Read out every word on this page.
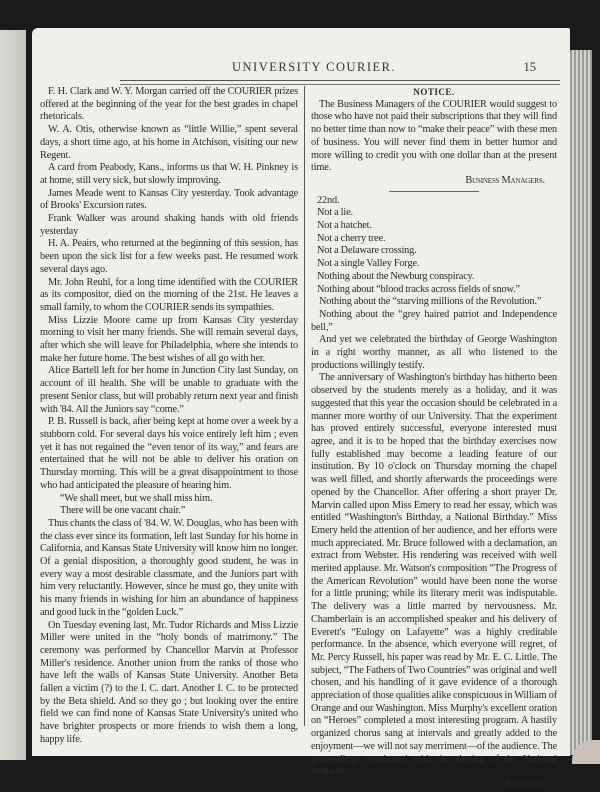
UNIVERSITY COURIER.	15

F. H. Clark and W. Y. Morgan carried off the COURIER prizes offered at the beginning of the year for the best grades in chapel rhetoricals.

W. A. Otis, otherwise known as “little Willie,” spent several days, a short time ago, at his home in Atchison, visiting our new Regent.

A card from Peabody, Kans., informs us that W. H. Pinkney is at home, still very sick, but slowly improving.

James Meade went to Kansas City yesterday. Took advantage of Brooks' Excursion rates.

Frank Walker was around shaking hands with old friends yesterday

H. A. Peairs, who returned at the beginning of this session, has been upon the sick list for a few weeks past. He resumed work several days ago.

Mr. John Reuhl, for a long time identified with the COURIER as its compositor, died on the morning of the 21st. He leaves a small family, to whom the COURIER sends its sympathies.

Miss Lizzie Moore came up from Kansas City yesterday morning to visit her many friends. She will remain several days, after which she will leave for Philadelphia, where she intends to make her future home. The best wishes of all go with her.

Alice Bartell left for her home in Junction City last Sunday, on account of ill health. She will be unable to graduate with the present Senior class, but will probably return next year and finish with '84. All the Juniors say “come.”

P. B. Russell is back, after being kept at home over a week by a stubborn cold. For several days his voice entirely left him ; even yet it has not regained the “even tenor of its way,” and fears are entertained that he will not be able to deliver his oration on Thursday morning. This will be a great disappointment to those who had anticipated the pleasure of hearing him.

“We shall meet, but we shall miss him.

There will be one vacant chair.”

Thus chants the class of '84. W. W. Douglas, who has been with the class ever since its formation, left last Sunday for his home in California, and Kansas State University will know him no longer. Of a genial disposition, a thoroughly good student, he was in every way a most desirable classmate, and the Juniors part with him very reluctantly. However, since he must go, they unite with his many friends in wishing for him an abundance of happiness and good luck in the “golden Luck.”

On Tuesday evening last, Mr. Tudor Richards and Miss Lizzie Miller were united in the “holy bonds of matrimony.” The ceremony was performed by Chancellor Marvin at Professor Miller's residence. Another union from the ranks of those who have left the walls of Kansas State University. Another Beta fallen a victim (?) to the I. C. dart. Another I. C. to be protected by the Beta shield. And so they go ; but looking over the entire field we can find none of Kansas State University's united who have brighter prospects or more friends to wish them a long, happy life.

NOTICE.

The Business Managers of the COURIER would suggest to those who have not paid their subscriptions that they will find no better time than now to “make their peace” with these men of business. You will never find them in better humor and more willing to credit you with one dollar than at the present time.

Business Managers.

22nd.

Not a lie.

Not a hatchet.

Not a cherry tree.

Not a Delaware crossing.

Not a single Valley Forge.

Nothing about the Newburg conspiracy.

Nothing about “blood tracks across fields of snow.”

Nothing about the “starving millions of the Revolution.”

Nothing about the “grey haired patriot and Independence bell,”

And yet we celebrated the birthday of George Washington in a right worthy manner, as all who listened to the productions willingly testify.

The anniversary of Washington's birthday has hitherto been observed by the students merely as a holiday, and it was suggested that this year the occasion should be celebrated in a manner more worthy of our University. That the experiment has proved entirely successful, everyone interested must agree, and it is to be hoped that the birthday exercises now fully established may become a leading feature of our institution. By 10 o'clock on Thursday morning the chapel was well filled, and shortly afterwards the proceedings were opened by the Chancellor. After offering a short prayer Dr. Marvin called upon Miss Emery to read her essay, which was entitled “Washington's Birthday, a National Birthday.” Miss Emery held the attention of her audience, and her efforts were much appreciated. Mr. Bruce followed with a declamation, an extract from Webster. His rendering was received with well merited applause. Mr. Watson's composition “The Progress of the American Revolution” would have been none the worse for a little pruning; while its literary merit was indisputable. The delivery was a little marred by nervousness. Mr. Chamberlain is an accomplished speaker and his delivery of Everett's “Eulogy on Lafayette” was a highly creditable performance. In the absence, which everyone will regret, of Mr. Percy Russell, his paper was read by Mr. E. C. Little. The subject, “The Fathers of Two Countries” was original and well chosen, and his handling of it gave evidence of a thorough appreciation of those qualities alike conspicuous in William of Orange and our Washington. Miss Murphy's excellent oration on “Heroes” completed a most interesting program. A hastily organized chorus sang at intervals and greatly added to the enjoyment—we will not say merriment—of the audience. The proceedings terminated with the singing of the National Anthem.

A Visitor.
